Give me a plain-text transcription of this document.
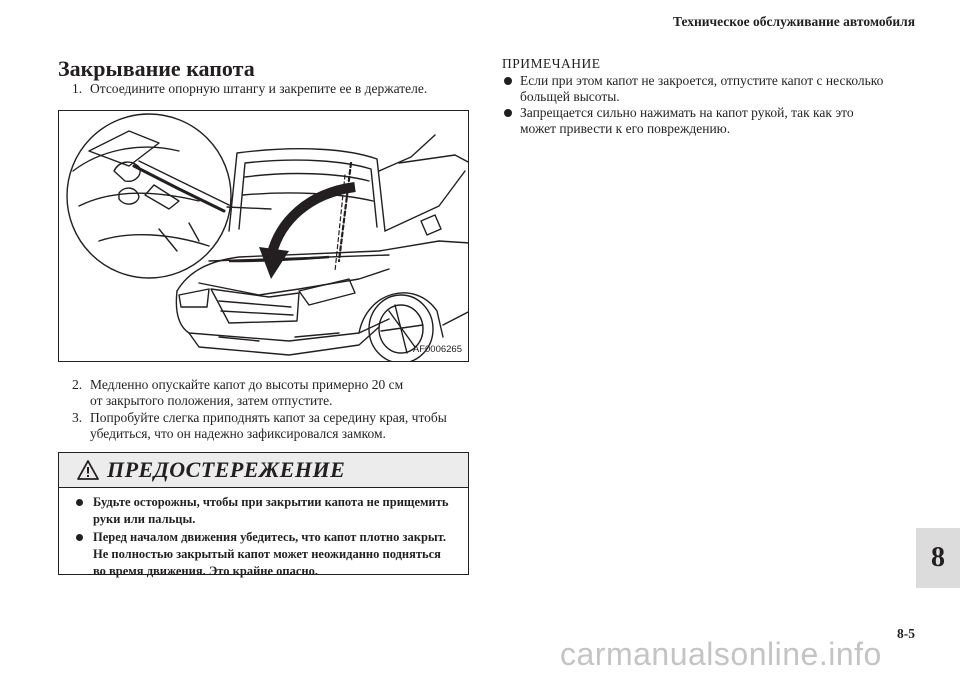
Техническое обслуживание автомобиля
Закрывание капота
1. Отсоедините опорную штангу и закрепите ее в держателе.
AF0006265
2. Медленно опускайте капот до высоты примерно 20 см
от закрытого положения, затем отпустите.
3. Попробуйте слегка приподнять капот за середину края, чтобы
убедиться, что он надежно зафиксировался замком.
ПРЕДОСТЕРЕЖЕНИЕ
Будьте осторожны, чтобы при закрытии капота не прищемить
руки или пальцы.
Перед началом движения убедитесь, что капот плотно закрыт.
Не полностью закрытый капот может неожиданно подняться
во время движения. Это крайне опасно.
ПРИМЕЧАНИЕ
Если при этом капот не закроется, отпустите капот с несколько
больщей высоты.
Запрещается сильно нажимать на капот рукой, так как это
может привести к его повреждению.
8
8-5
carmanualsonline.info
